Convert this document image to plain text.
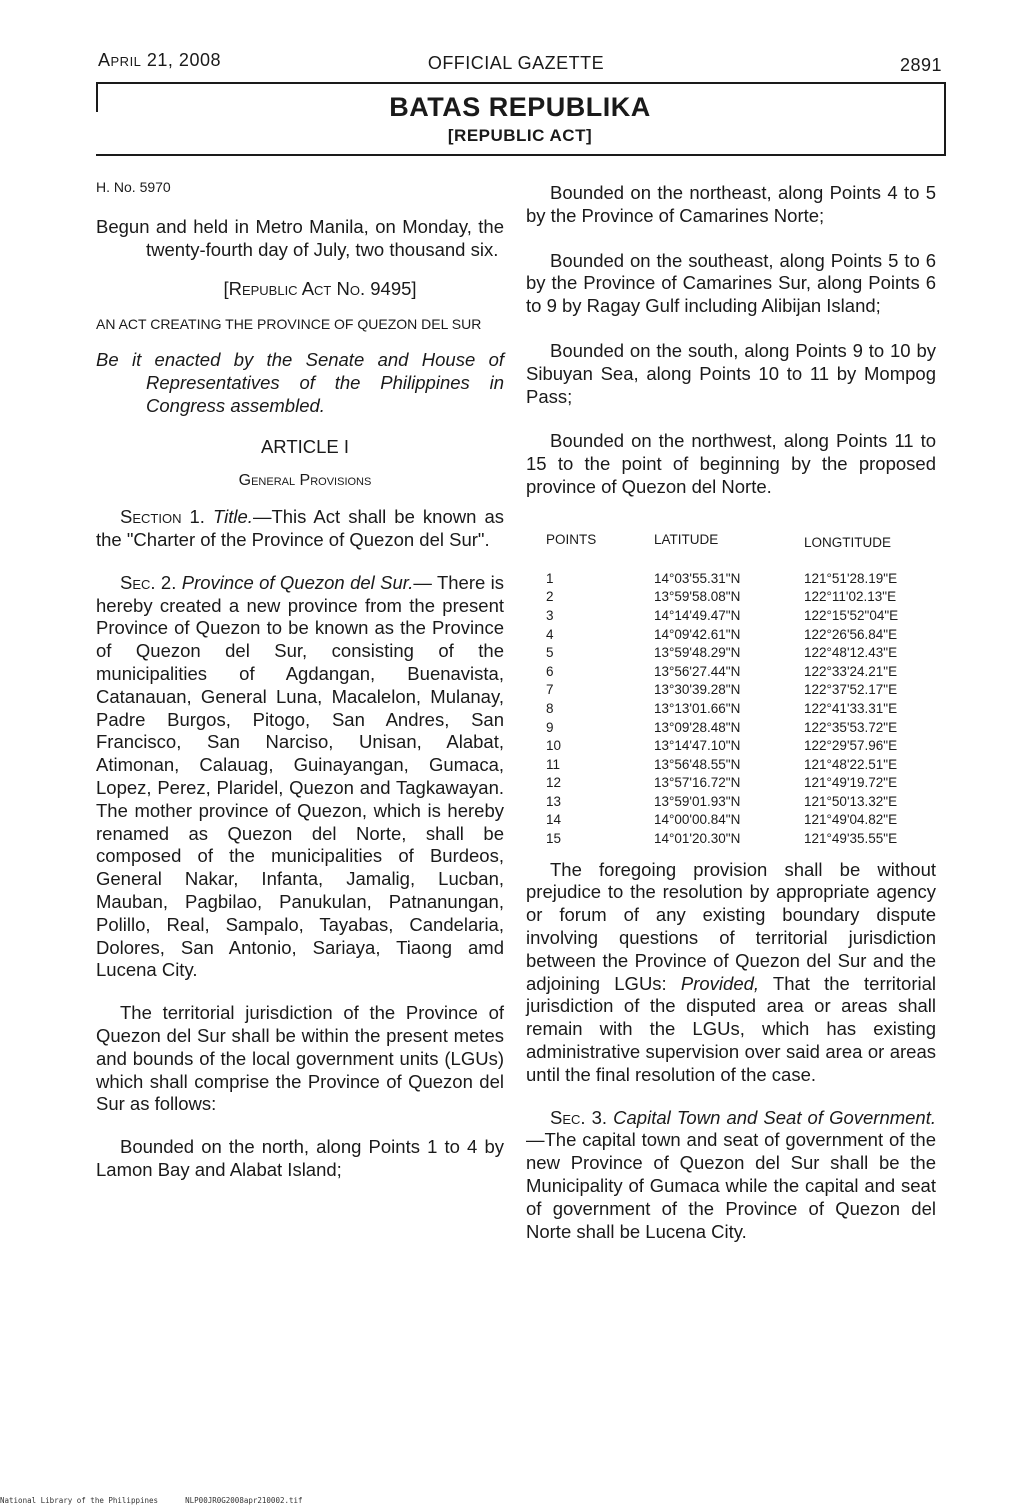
April 21, 2008	OFFICIAL GAZETTE	2891
BATAS REPUBLIKA
[REPUBLIC ACT]

H. No. 5970

Begun and held in Metro Manila, on Monday, the twenty-fourth day of July, two thousand six.

[Republic Act No. 9495]

AN ACT CREATING THE PROVINCE OF QUEZON DEL SUR

Be it enacted by the Senate and House of Representatives of the Philippines in Congress assembled.

ARTICLE I

General Provisions

Section 1. Title.—This Act shall be known as the "Charter of the Province of Quezon del Sur".

Sec. 2. Province of Quezon del Sur.— There is hereby created a new province from the present Province of Quezon to be known as the Province of Quezon del Sur, consisting of the municipalities of Agdangan, Buenavista, Catanauan, General Luna, Macalelon, Mulanay, Padre Burgos, Pitogo, San Andres, San Francisco, San Narciso, Unisan, Alabat, Atimonan, Calauag, Guinayangan, Gumaca, Lopez, Perez, Plaridel, Quezon and Tagkawayan. The mother province of Quezon, which is hereby renamed as Quezon del Norte, shall be composed of the municipalities of Burdeos, General Nakar, Infanta, Jamalig, Lucban, Mauban, Pagbilao, Panukulan, Patnanungan, Polillo, Real, Sampalo, Tayabas, Candelaria, Dolores, San Antonio, Sariaya, Tiaong amd Lucena City.

The territorial jurisdiction of the Province of Quezon del Sur shall be within the present metes and bounds of the local government units (LGUs) which shall comprise the Province of Quezon del Sur as follows:

Bounded on the north, along Points 1 to 4 by Lamon Bay and Alabat Island;

Bounded on the northeast, along Points 4 to 5 by the Province of Camarines Norte;

Bounded on the southeast, along Points 5 to 6 by the Province of Camarines Sur, along Points 6 to 9 by Ragay Gulf including Alibijan Island;

Bounded on the south, along Points 9 to 10 by Sibuyan Sea, along Points 10 to 11 by Mompog Pass;

Bounded on the northwest, along Points 11 to 15 to the point of beginning by the proposed province of Quezon del Norte.

POINTS	LATITUDE	LONGTITUDE

1	14°03'55.31"N	121°51'28.19"E
2	13°59'58.08"N	122°11'02.13"E
3	14°14'49.47"N	122°15'52"04"E
4	14°09'42.61"N	122°26'56.84"E
5	13°59'48.29"N	122°48'12.43"E
6	13°56'27.44"N	122°33'24.21"E
7	13°30'39.28"N	122°37'52.17"E
8	13°13'01.66"N	122°41'33.31"E
9	13°09'28.48"N	122°35'53.72"E
10	13°14'47.10"N	122°29'57.96"E
11	13°56'48.55"N	121°48'22.51"E
12	13°57'16.72"N	121°49'19.72"E
13	13°59'01.93"N	121°50'13.32"E
14	14°00'00.84"N	121°49'04.82"E
15	14°01'20.30"N	121°49'35.55"E

The foregoing provision shall be without prejudice to the resolution by appropriate agency or forum of any existing boundary dispute involving questions of territorial jurisdiction between the Province of Quezon del Sur and the adjoining LGUs: Provided, That the territorial jurisdiction of the disputed area or areas shall remain with the LGUs, which has existing administrative supervision over said area or areas until the final resolution of the case.

Sec. 3. Capital Town and Seat of Government.—The capital town and seat of government of the new Province of Quezon del Sur shall be the Municipality of Gumaca while the capital and seat of government of the Province of Quezon del Norte shall be Lucena City.

National Library of the Philippines	NLP00JR0G2008apr210002.tif
